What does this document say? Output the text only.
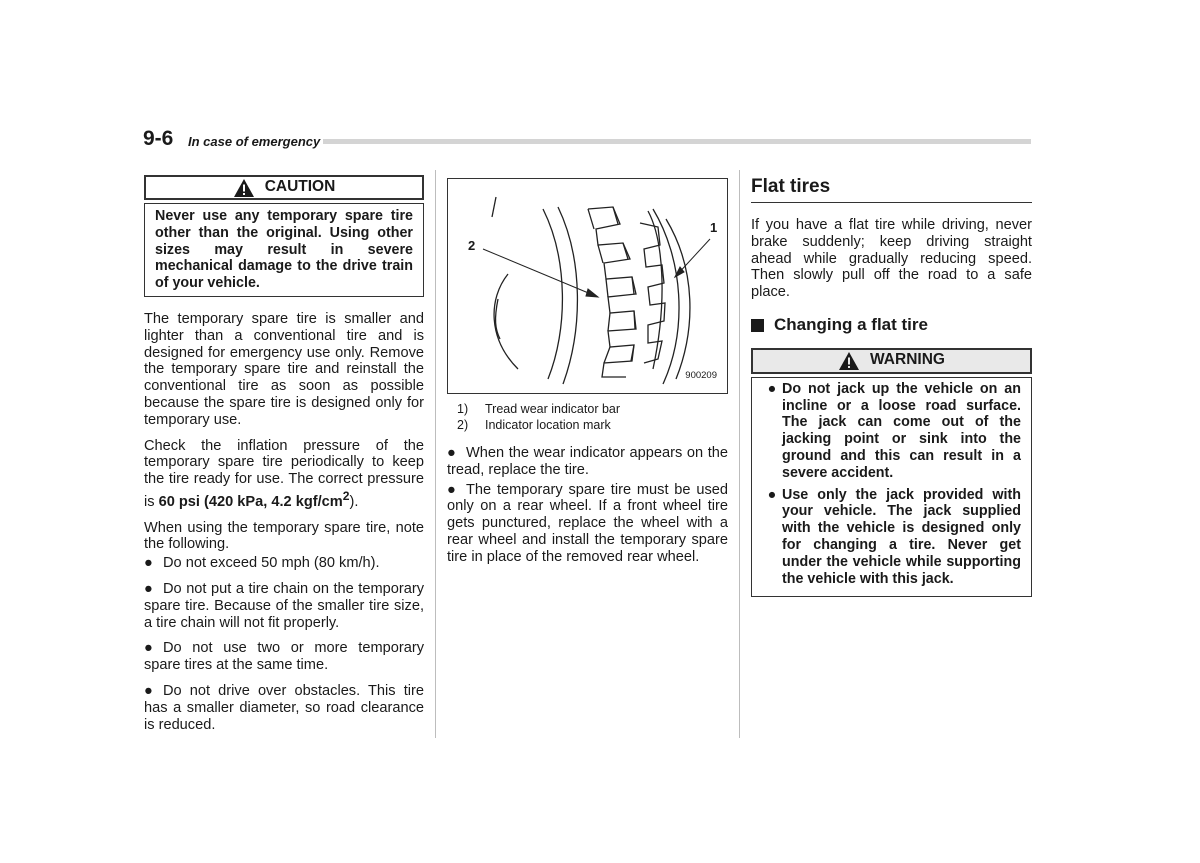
9-6 In case of emergency
CAUTION

Never use any temporary spare tire other than the original. Using other sizes may result in severe mechanical damage to the drive train of your vehicle.

The temporary spare tire is smaller and lighter than a conventional tire and is designed for emergency use only. Remove the temporary spare tire and reinstall the conventional tire as soon as possible because the spare tire is designed only for temporary use.

Check the inflation pressure of the temporary spare tire periodically to keep the tire ready for use. The correct pressure is 60 psi (420 kPa, 4.2 kgf/$cm^2$).

When using the temporary spare tire, note the following.

● Do not exceed 50 mph (80 km/h).

● Do not put a tire chain on the temporary spare tire. Because of the smaller tire size, a tire chain will not fit properly.

● Do not use two or more temporary spare tires at the same time.

● Do not drive over obstacles. This tire has a smaller diameter, so road clearance is reduced.

2
1
900209
1)	Tread wear indicator bar
2)	Indicator location mark

● When the wear indicator appears on the tread, replace the tire.

● The temporary spare tire must be used only on a rear wheel. If a front wheel tire gets punctured, replace the wheel with a rear wheel and install the temporary spare tire in place of the removed rear wheel.

Flat tires

If you have a flat tire while driving, never brake suddenly; keep driving straight ahead while gradually reducing speed. Then slowly pull off the road to a safe place.

Changing a flat tire
WARNING
● Do not jack up the vehicle on an incline or a loose road surface. The jack can come out of the jacking point or sink into the ground and this can result in a severe accident.
● Use only the jack provided with your vehicle. The jack supplied with the vehicle is designed only for changing a tire. Never get under the vehicle while supporting the vehicle with this jack.
